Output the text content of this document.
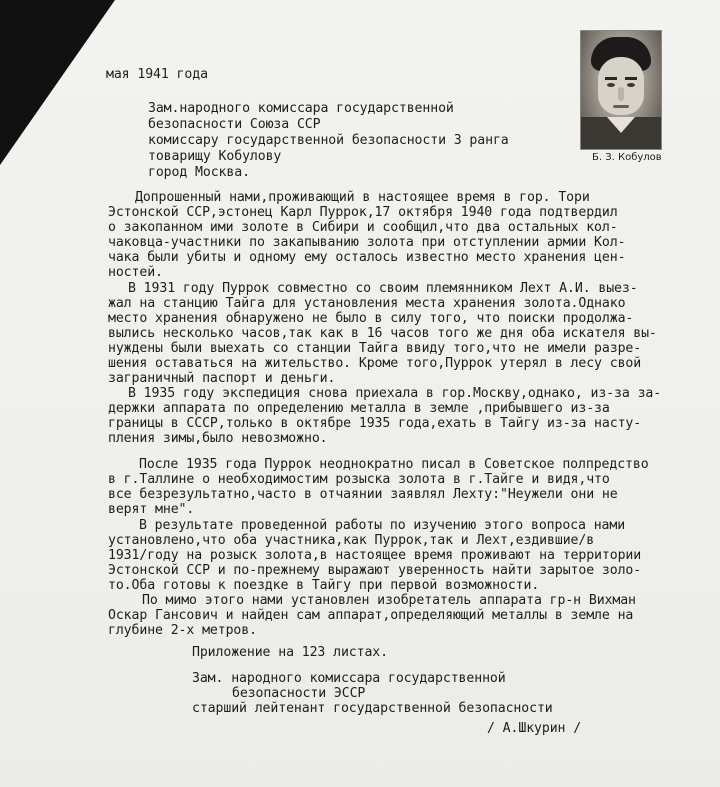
Б. З. Кобулов
мая 1941 года
Зам.народного комиссара государственной
безопасности Союза ССР
комиссару государственной безопасности 3 ранга
товарищу Кобулову
город Москва.
Допрошенный нами,проживающий в настоящее время в гор. Тори
Эстонской ССР,эстонец Карл Пуррок,17 октября 1940 года подтвердил
о закопанном ими золоте в Сибири и сообщил,что два остальных кол-
чаковца-участники по закапыванию золота при отступлении армии Кол-
чака были убиты и одному ему осталось известно место хранения цен-
ностей.
В 1931 году Пуррок совместно со своим племянником Лехт А.И. выез-
жал на станцию Тайга для установления места хранения золота.Однако
место хранения обнаружено не было в силу того, что поиски продолжа-
вылись несколько часов,так как в 16 часов того же дня оба искателя вы-
нуждены были выехать со станции Тайга ввиду того,что не имели разре-
шения оставаться на жительство. Кроме того,Пуррок утерял в лесу свой
заграничный паспорт и деньги.
В 1935 году экспедиция снова приехала в гор.Москву,однако, из-за за-
держки аппарата по определению металла в земле ,прибывшего из-за
границы в СССР,только в октябре 1935 года,ехать в Тайгу из-за насту-
пления зимы,было невозможно.
После 1935 года Пуррок неоднократно писал в Советское полпредство
в г.Таллине о необходимостим розыска золота в г.Тайге и видя,что
все безрезультатно,часто в отчаянии заявлял Лехту:"Неужели они не
верят мне".
В результате проведенной работы по изучению этого вопроса нами
установлено,что оба участника,как Пуррок,так и Лехт,ездившие/в
1931/году на розыск золота,в настоящее время проживают на территории
Эстонской ССР и по-прежнему выражают уверенность найти зарытое золо-
то.Оба готовы к поездке в Тайгу при первой возможности.
По мимо этого нами установлен изобретатель аппарата гр-н Вихман
Оскар Гансович и найден сам аппарат,определяющий металлы в земле на
глубине 2-х метров.
Приложение на 123 листах.
Зам. народного комиссара государственной
безопасности ЭССР
старший лейтенант государственной безопасности
/ А.Шкурин /
